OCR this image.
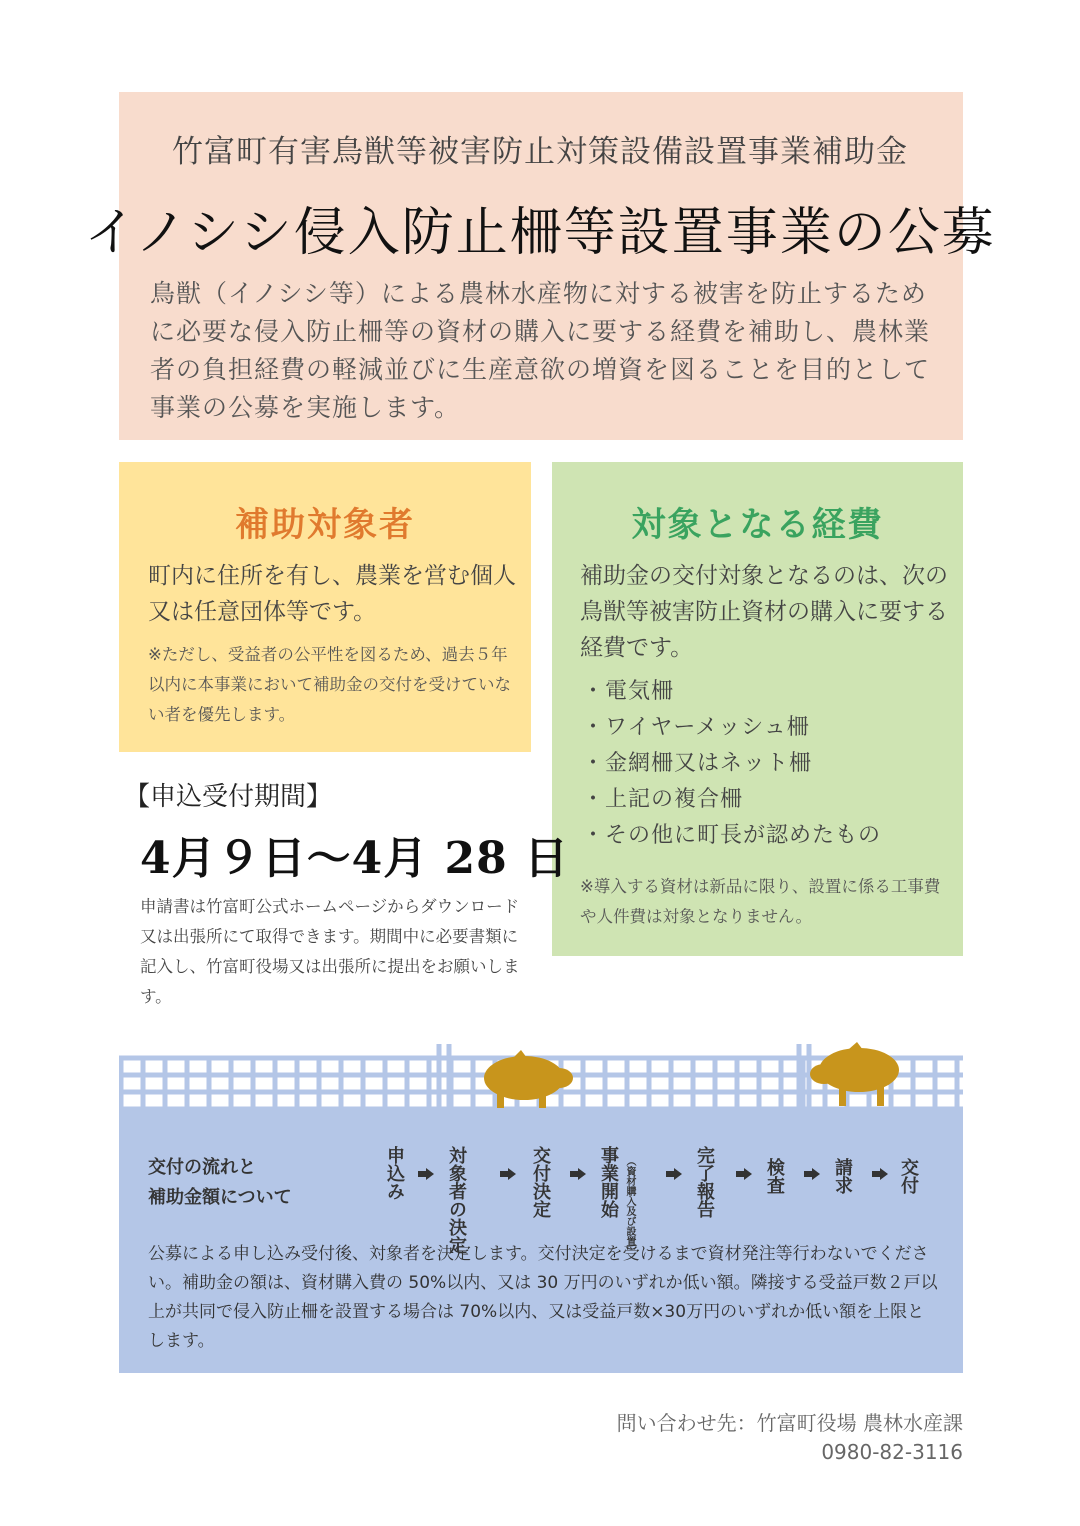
竹富町有害鳥獣等被害防止対策設備設置事業補助金
イノシシ侵入防止柵等設置事業の公募

鳥獣（イノシシ等）による農林水産物に対する被害を防止するために必要な侵入防止柵等の資材の購入に要する経費を補助し、農林業者の負担経費の軽減並びに生産意欲の増資を図ることを目的として事業の公募を実施します。

補助対象者

町内に住所を有し、農業を営む個人又は任意団体等です。

※ただし、受益者の公平性を図るため、過去５年以内に本事業において補助金の交付を受けていない者を優先します。

対象となる経費

補助金の交付対象となるのは、次の鳥獣等被害防止資材の購入に要する経費です。

・電気柵
・ワイヤーメッシュ柵
・金網柵又はネット柵
・上記の複合柵
・その他に町長が認めたもの

※導入する資材は新品に限り、設置に係る工事費や人件費は対象となりません。

【申込受付期間】
4月９日～4月 28 日

申請書は竹富町公式ホームページからダウンロード又は出張所にて取得できます。期間中に必要書類に記入し、竹富町役場又は出張所に提出をお願いします。

交付の流れと
補助金額について	申込み 対象者の決定	交付決定	事業開始 （資材購入及び設置）	完了報告	検査	請求	交付

公募による申し込み受付後、対象者を決定します。交付決定を受けるまで資材発注等行わないでください。補助金の額は、資材購入費の 50%以内、又は 30 万円のいずれか低い額。隣接する受益戸数２戸以上が共同で侵入防止柵を設置する場合は 70%以内、又は受益戸数×30万円のいずれか低い額を上限とします。

問い合わせ先：竹富町役場 農林水産課
0980-82-3116
